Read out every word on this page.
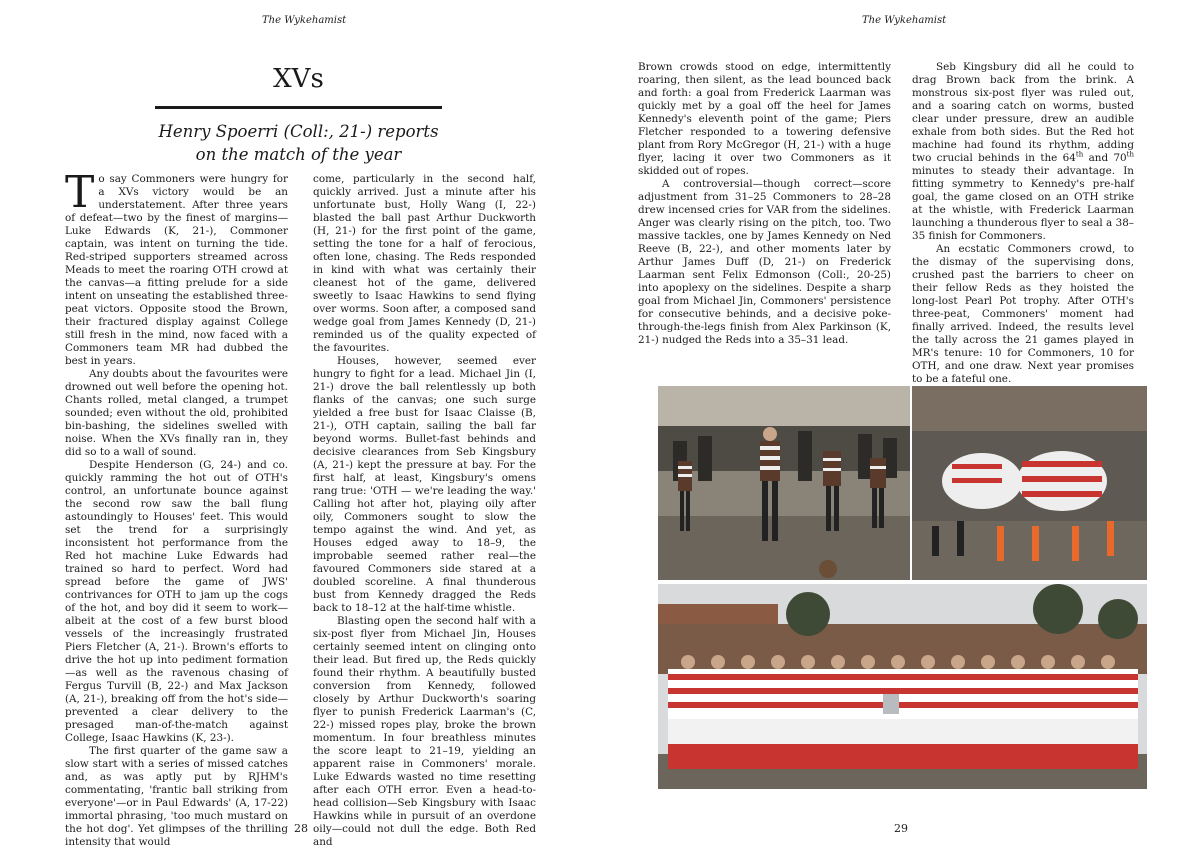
The Wykehamist
XVs
Henry Spoerri (Coll:, 21-) reports on the match of the year

To say Commoners were hungry for a XVs victory would be an understatement. After three years of defeat—two by the finest of margins—Luke Edwards (K, 21-), Commoner captain, was intent on turning the tide. Red-striped supporters streamed across Meads to meet the roaring OTH crowd at the canvas—a fitting prelude for a side intent on unseating the established three-peat victors. Opposite stood the Brown, their fractured display against College still fresh in the mind, now faced with a Commoners team MR had dubbed the best in years.

Any doubts about the favourites were drowned out well before the opening hot. Chants rolled, metal clanged, a trumpet sounded; even without the old, prohibited bin-bashing, the sidelines swelled with noise. When the XVs finally ran in, they did so to a wall of sound.

Despite Henderson (G, 24-) and co. quickly ramming the hot out of OTH's control, an unfortunate bounce against the second row saw the ball flung astoundingly to Houses' feet. This would set the trend for a surprisingly inconsistent hot performance from the Red hot machine Luke Edwards had trained so hard to perfect. Word had spread before the game of JWS' contrivances for OTH to jam up the cogs of the hot, and boy did it seem to work—albeit at the cost of a few burst blood vessels of the increasingly frustrated Piers Fletcher (A, 21-). Brown's efforts to drive the hot up into pediment formation—as well as the ravenous chasing of Fergus Turvill (B, 22-) and Max Jackson (A, 21-), breaking off from the hot's side—prevented a clear delivery to the presaged man-of-the-match against College, Isaac Hawkins (K, 23-).

The first quarter of the game saw a slow start with a series of missed catches and, as was aptly put by RJHM's commentating, 'frantic ball striking from everyone'—or in Paul Edwards' (A, 17-22) immortal phrasing, 'too much mustard on the hot dog'. Yet glimpses of the thrilling intensity that would

come, particularly in the second half, quickly arrived. Just a minute after his unfortunate bust, Holly Wang (I, 22-) blasted the ball past Arthur Duckworth (H, 21-) for the first point of the game, setting the tone for a half of ferocious, often lone, chasing. The Reds responded in kind with what was certainly their cleanest hot of the game, delivered sweetly to Isaac Hawkins to send flying over worms. Soon after, a composed sand wedge goal from James Kennedy (D, 21-) reminded us of the quality expected of the favourites.

Houses, however, seemed ever hungry to fight for a lead. Michael Jin (I, 21-) drove the ball relentlessly up both flanks of the canvas; one such surge yielded a free bust for Isaac Claisse (B, 21-), OTH captain, sailing the ball far beyond worms. Bullet-fast behinds and decisive clearances from Seb Kingsbury (A, 21-) kept the pressure at bay. For the first half, at least, Kingsbury's omens rang true: 'OTH — we're leading the way.' Calling hot after hot, playing oily after oily, Commoners sought to slow the tempo against the wind. And yet, as Houses edged away to 18–9, the improbable seemed rather real—the favoured Commoners side stared at a doubled scoreline. A final thunderous bust from Kennedy dragged the Reds back to 18–12 at the half-time whistle.

Blasting open the second half with a six-post flyer from Michael Jin, Houses certainly seemed intent on clinging onto their lead. But fired up, the Reds quickly found their rhythm. A beautifully busted conversion from Kennedy, followed closely by Arthur Duckworth's soaring flyer to punish Frederick Laarman's (C, 22-) missed ropes play, broke the brown momentum. In four breathless minutes the score leapt to 21–19, yielding an apparent raise in Commoners' morale. Luke Edwards wasted no time resetting after each OTH error. Even a head-to-head collision—Seb Kingsbury with Isaac Hawkins while in pursuit of an overdone oily—could not dull the edge. Both Red and

28
The Wykehamist

Brown crowds stood on edge, intermittently roaring, then silent, as the lead bounced back and forth: a goal from Frederick Laarman was quickly met by a goal off the heel for James Kennedy's eleventh point of the game; Piers Fletcher responded to a towering defensive plant from Rory McGregor (H, 21-) with a huge flyer, lacing it over two Commoners as it skidded out of ropes.

A controversial—though correct—score adjustment from 31–25 Commoners to 28–28 drew incensed cries for VAR from the sidelines. Anger was clearly rising on the pitch, too. Two massive tackles, one by James Kennedy on Ned Reeve (B, 22-), and other moments later by Arthur James Duff (D, 21-) on Frederick Laarman sent Felix Edmonson (Coll:, 20-25) into apoplexy on the sidelines. Despite a sharp goal from Michael Jin, Commoners' persistence for consecutive behinds, and a decisive poke-through-the-legs finish from Alex Parkinson (K, 21-) nudged the Reds into a 35–31 lead.

Seb Kingsbury did all he could to drag Brown back from the brink. A monstrous six-post flyer was ruled out, and a soaring catch on worms, busted clear under pressure, drew an audible exhale from both sides. But the Red hot machine had found its rhythm, adding two crucial behinds in the 64th and 70th minutes to steady their advantage. In fitting symmetry to Kennedy's pre-half goal, the game closed on an OTH strike at the whistle, with Frederick Laarman launching a thunderous flyer to seal a 38–35 finish for Commoners.

An ecstatic Commoners crowd, to the dismay of the supervising dons, crushed past the barriers to cheer on their fellow Reds as they hoisted the long-lost Pearl Pot trophy. After OTH's three-peat, Commoners' moment had finally arrived. Indeed, the results level the tally across the 21 games played in MR's tenure: 10 for Commoners, 10 for OTH, and one draw. Next year promises to be a fateful one.

29
